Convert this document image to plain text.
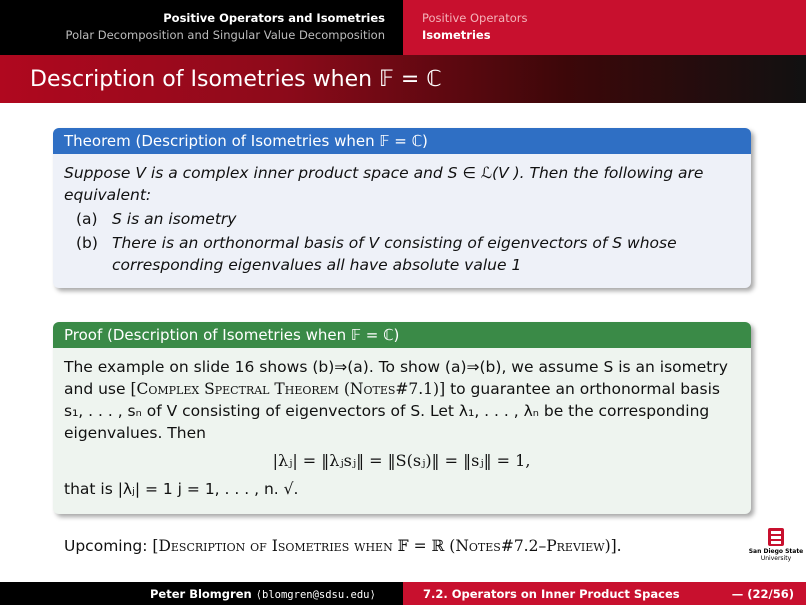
Positive Operators and Isometries
Polar Decomposition and Singular Value Decomposition
Positive Operators
Isometries
Description of Isometries when 𝔽 = ℂ
Theorem (Description of Isometries when 𝔽 = ℂ)
Suppose V is a complex inner product space and S ∈ ℒ(V ). Then the following are equivalent:
(a) S is an isometry
(b) There is an orthonormal basis of V consisting of eigenvectors of S whose corresponding eigenvalues all have absolute value 1
Proof (Description of Isometries when 𝔽 = ℂ)
The example on slide 16 shows (b)⇒(a). To show (a)⇒(b), we assume S is an isometry and use [Complex Spectral Theorem (Notes#7.1)] to guarantee an orthonormal basis s₁, . . . , sₙ of V consisting of eigenvectors of S. Let λ₁, . . . , λₙ be the corresponding eigenvalues. Then
|λⱼ| = ‖λⱼsⱼ‖ = ‖S(sⱼ)‖ = ‖sⱼ‖ = 1,
that is |λⱼ| = 1 j = 1, . . . , n. √.
Upcoming: [Description of Isometries when 𝔽 = ℝ (Notes#7.2–Preview)].	San Diego State
University
Peter Blomgren ⟨blomgren@sdsu.edu⟩	7.2. Operators on Inner Product Spaces	— (22/56)
